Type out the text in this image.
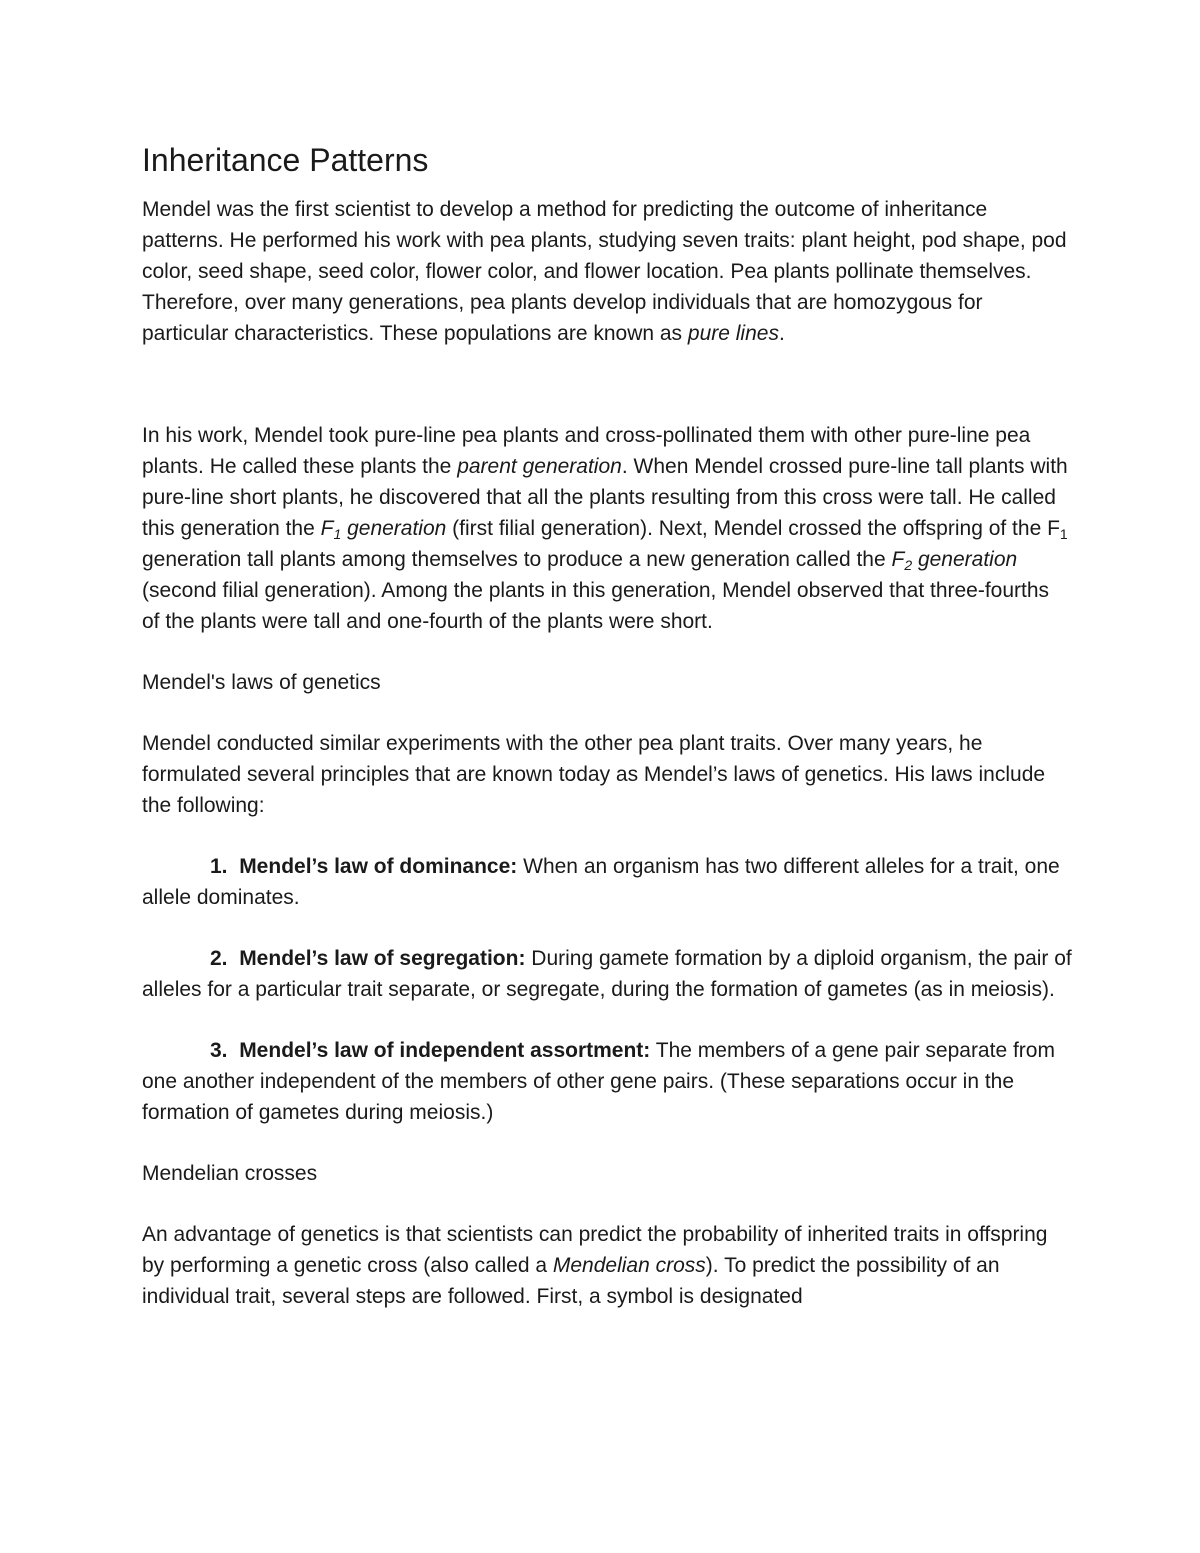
Inheritance Patterns

Mendel was the first scientist to develop a method for predicting the outcome of inheritance patterns. He performed his work with pea plants, studying seven traits: plant height, pod shape, pod color, seed shape, seed color, flower color, and flower location. Pea plants pollinate themselves. Therefore, over many generations, pea plants develop individuals that are homozygous for particular characteristics. These populations are known as pure lines.

In his work, Mendel took pure-line pea plants and cross-pollinated them with other pure-line pea plants. He called these plants the parent generation. When Mendel crossed pure-line tall plants with pure-line short plants, he discovered that all the plants resulting from this cross were tall. He called this generation the $F_1$ generation (first filial generation). Next, Mendel crossed the offspring of the $F_1$ generation tall plants among themselves to produce a new generation called the $F_2$ generation (second filial generation). Among the plants in this generation, Mendel observed that three-fourths of the plants were tall and one-fourth of the plants were short.

Mendel's laws of genetics

Mendel conducted similar experiments with the other pea plant traits. Over many years, he formulated several principles that are known today as Mendel’s laws of genetics. His laws include the following:

1. Mendel’s law of dominance: When an organism has two different alleles for a trait, one allele dominates.

2. Mendel’s law of segregation: During gamete formation by a diploid organism, the pair of alleles for a particular trait separate, or segregate, during the formation of gametes (as in meiosis).

3. Mendel’s law of independent assortment: The members of a gene pair separate from one another independent of the members of other gene pairs. (These separations occur in the formation of gametes during meiosis.)

Mendelian crosses

An advantage of genetics is that scientists can predict the probability of inherited traits in offspring by performing a genetic cross (also called a Mendelian cross). To predict the possibility of an individual trait, several steps are followed. First, a symbol is designated
